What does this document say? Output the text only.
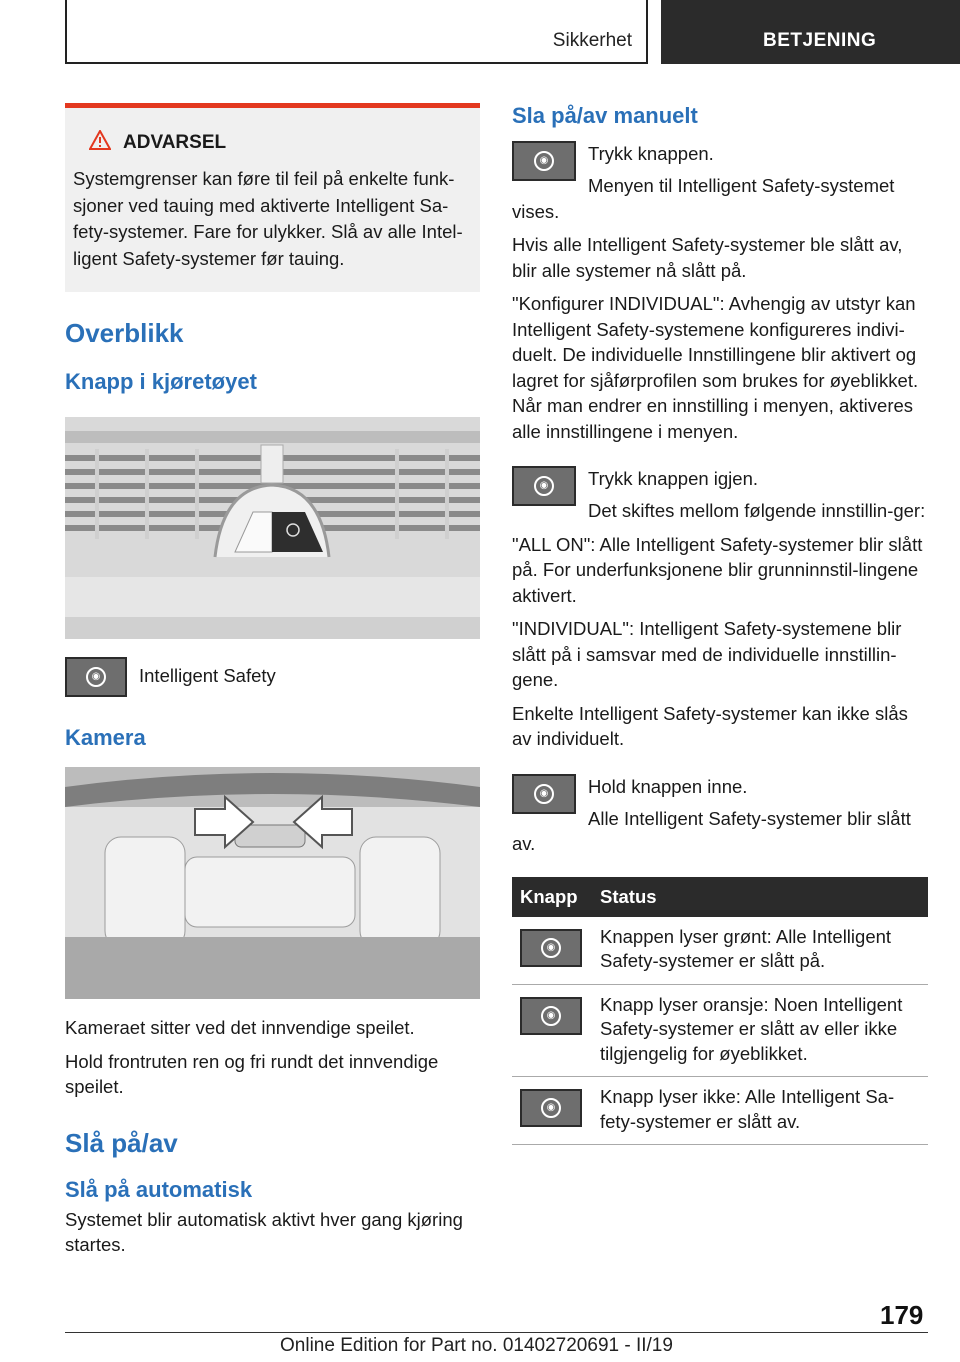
Sikkerhet	BETJENING
ADVARSEL
Systemgrenser kan føre til feil på enkelte funk-sjoner ved tauing med aktiverte Intelligent Sa-fety-systemer. Fare for ulykker. Slå av alle Intel-ligent Safety-systemer før tauing.
Overblikk
Knapp i kjøretøyet
◉	Intelligent Safety
Kamera

Kameraet sitter ved det innvendige speilet.

Hold frontruten ren og fri rundt det innvendige speilet.

Slå på/av
Slå på automatisk

Systemet blir automatisk aktivt hver gang kjøring startes.

Sla på/av manuelt
◉	Trykk knappen.

Menyen til Intelligent Safety-systemet vises.

Hvis alle Intelligent Safety-systemer ble slått av, blir alle systemer nå slått på.

"Konfigurer INDIVIDUAL": Avhengig av utstyr kan Intelligent Safety-systemene konfigureres indivi-duelt. De individuelle Innstillingene blir aktivert og lagret for sjåførprofilen som brukes for øyeblikket. Når man endrer en innstilling i menyen, aktiveres alle innstillingene i menyen.

◉	Trykk knappen igjen.

Det skiftes mellom følgende innstillin-ger:

"ALL ON": Alle Intelligent Safety-systemer blir slått på. For underfunksjonene blir grunninnstil-lingene aktivert.

"INDIVIDUAL": Intelligent Safety-systemene blir slått på i samsvar med de individuelle innstillin-gene.

Enkelte Intelligent Safety-systemer kan ikke slås av individuelt.

◉	Hold knappen inne.

Alle Intelligent Safety-systemer blir slått av.

Knapp	Status

◉	Knappen lyser grønt: Alle Intelligent Safety-systemer er slått på.

◉	Knapp lyser oransje: Noen Intelligent Safety-systemer er slått av eller ikke tilgjengelig for øyeblikket.

◉	Knapp lyser ikke: Alle Intelligent Sa-fety-systemer er slått av.
179
Online Edition for Part no. 01402720691 - II/19
